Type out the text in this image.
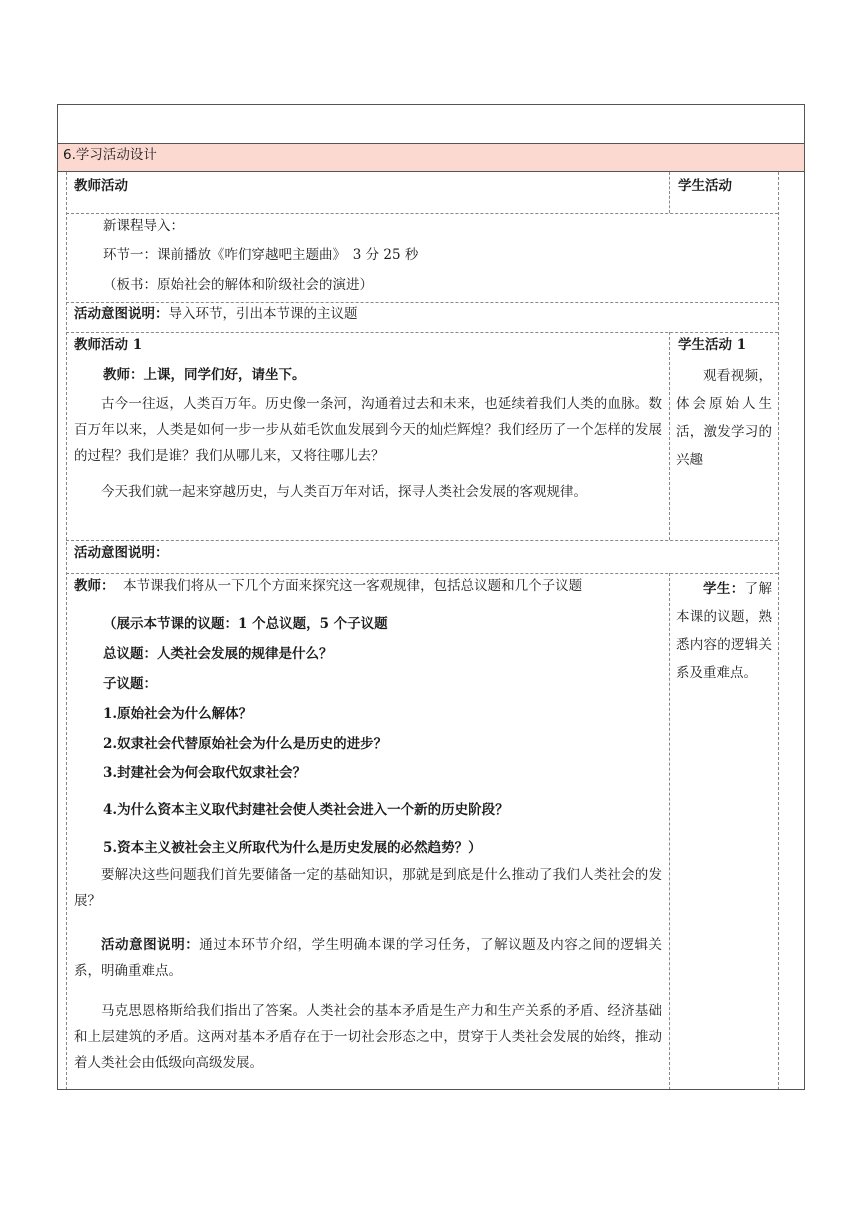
6.学习活动设计
教师活动	学生活动
新课程导入：
环节一：课前播放《咋们穿越吧主题曲》　3 分 25 秒
（板书：原始社会的解体和阶级社会的演进）
活动意图说明：导入环节，引出本节课的主议题
教师活动 1
教师：上课，同学们好，请坐下。
古今一往返，人类百万年。历史像一条河，沟通着过去和未来，也延续着我们人类的血脉。数百万年以来，人类是如何一步一步从茹毛饮血发展到今天的灿烂辉煌？我们经历了一个怎样的发展的过程？我们是谁？我们从哪儿来，又将往哪儿去？
今天我们就一起来穿越历史，与人类百万年对话，探寻人类社会发展的客观规律。
学生活动 1
观看视频，体会原始人生活，激发学习的兴趣
活动意图说明：
教师： 本节课我们将从一下几个方面来探究这一客观规律，包括总议题和几个子议题
（展示本节课的议题：1 个总议题，5 个子议题
总议题：人类社会发展的规律是什么？
子议题：
1.原始社会为什么解体？
2.奴隶社会代替原始社会为什么是历史的进步？
3.封建社会为何会取代奴隶社会？
4.为什么资本主义取代封建社会使人类社会进入一个新的历史阶段？
5.资本主义被社会主义所取代为什么是历史发展的必然趋势？）
要解决这些问题我们首先要储备一定的基础知识，那就是到底是什么推动了我们人类社会的发展？
活动意图说明：通过本环节介绍，学生明确本课的学习任务，了解议题及内容之间的逻辑关系，明确重难点。
马克思恩格斯给我们指出了答案。人类社会的基本矛盾是生产力和生产关系的矛盾、经济基础和上层建筑的矛盾。这两对基本矛盾存在于一切社会形态之中，贯穿于人类社会发展的始终，推动着人类社会由低级向高级发展。
学生：了解本课的议题，熟悉内容的逻辑关系及重难点。
